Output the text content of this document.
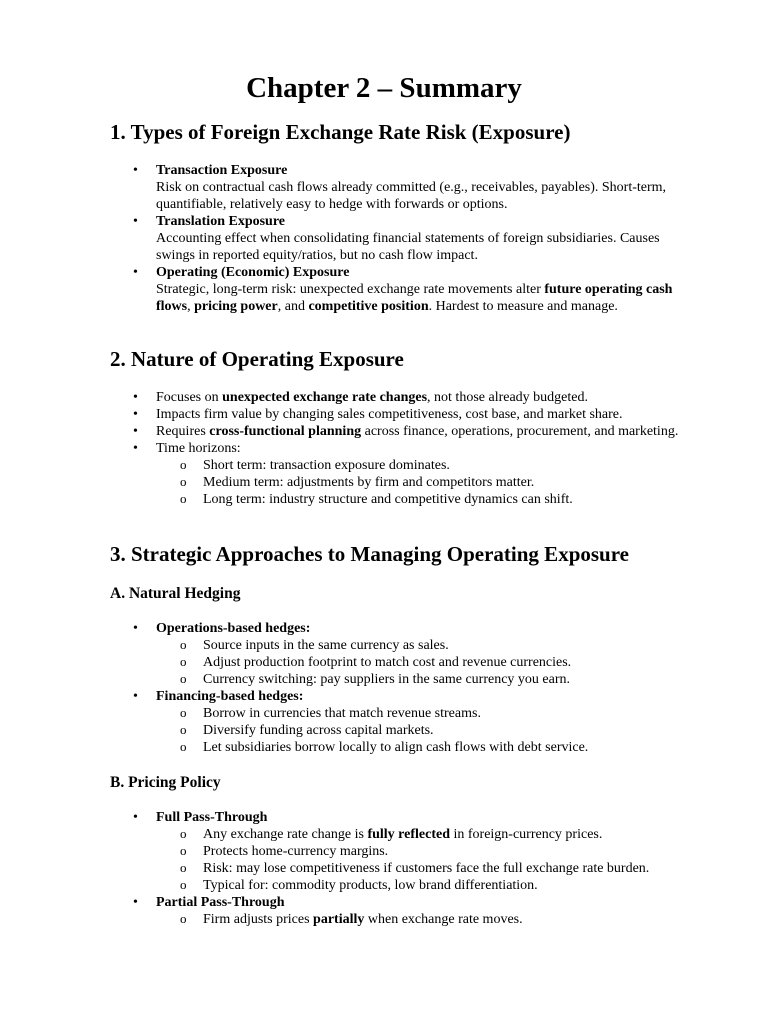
Chapter 2 – Summary
1. Types of Foreign Exchange Rate Risk (Exposure)
• Transaction Exposure
Risk on contractual cash flows already committed (e.g., receivables, payables). Short-term, quantifiable, relatively easy to hedge with forwards or options.
• Translation Exposure
Accounting effect when consolidating financial statements of foreign subsidiaries. Causes swings in reported equity/ratios, but no cash flow impact.
• Operating (Economic) Exposure
Strategic, long-term risk: unexpected exchange rate movements alter future operating cash flows, pricing power, and competitive position. Hardest to measure and manage.
2. Nature of Operating Exposure
• Focuses on unexpected exchange rate changes, not those already budgeted.
• Impacts firm value by changing sales competitiveness, cost base, and market share.
• Requires cross-functional planning across finance, operations, procurement, and marketing.
• Time horizons:
o Short term: transaction exposure dominates.
o Medium term: adjustments by firm and competitors matter.
o Long term: industry structure and competitive dynamics can shift.
3. Strategic Approaches to Managing Operating Exposure
A. Natural Hedging
• Operations-based hedges:
o Source inputs in the same currency as sales.
o Adjust production footprint to match cost and revenue currencies.
o Currency switching: pay suppliers in the same currency you earn.
• Financing-based hedges:
o Borrow in currencies that match revenue streams.
o Diversify funding across capital markets.
o Let subsidiaries borrow locally to align cash flows with debt service.
B. Pricing Policy
• Full Pass-Through
o Any exchange rate change is fully reflected in foreign-currency prices.
o Protects home-currency margins.
o Risk: may lose competitiveness if customers face the full exchange rate burden.
o Typical for: commodity products, low brand differentiation.
• Partial Pass-Through
o Firm adjusts prices partially when exchange rate moves.
